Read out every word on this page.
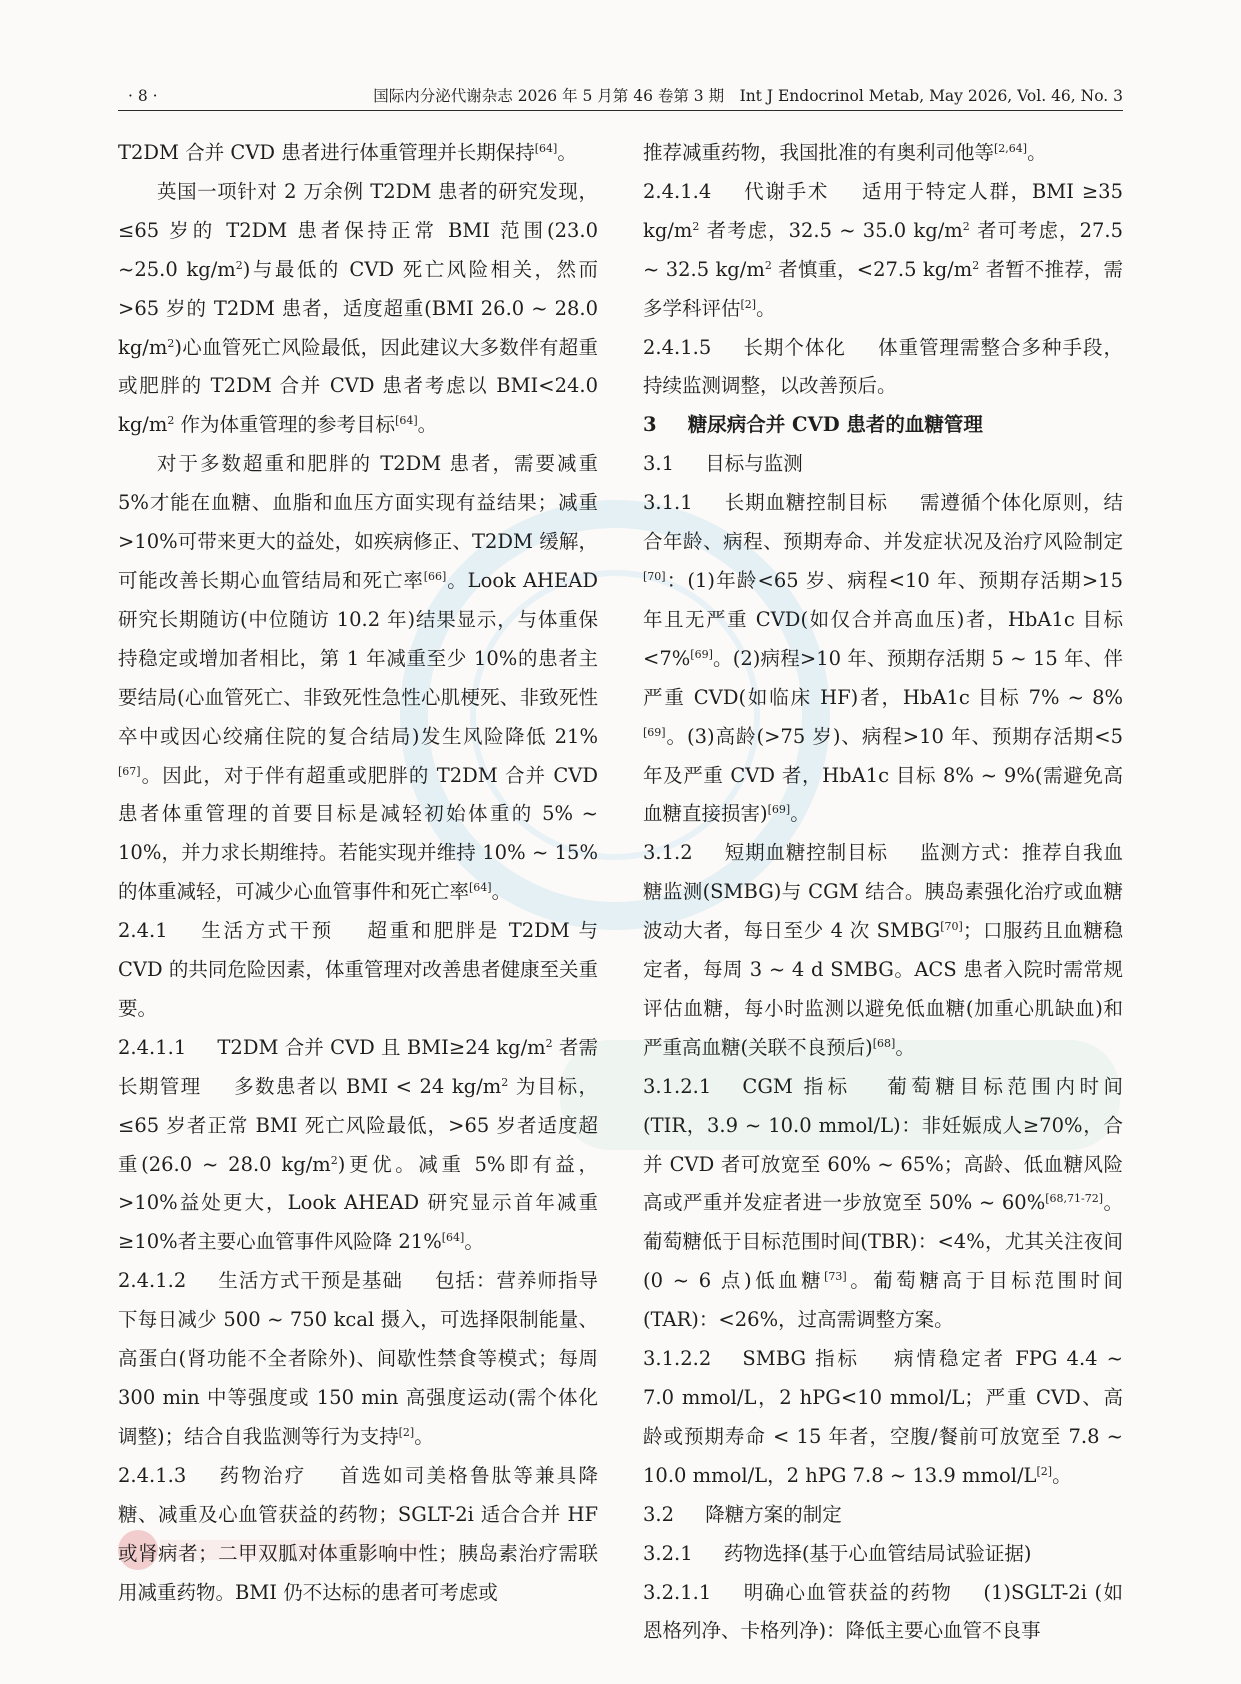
· 8 ·	国际内分泌代谢杂志 2026 年 5 月第 46 卷第 3 期　Int J Endocrinol Metab, May 2026, Vol. 46, No. 3

T2DM 合并 CVD 患者进行体重管理并长期保持[64]。

英国一项针对 2 万余例 T2DM 患者的研究发现，≤65 岁的 T2DM 患者保持正常 BMI 范围(23.0 ~25.0 $kg/m^2$)与最低的 CVD 死亡风险相关，然而>65 岁的 T2DM 患者，适度超重(BMI 26.0 ~ 28.0 $kg/m^2$)心血管死亡风险最低，因此建议大多数伴有超重或肥胖的 T2DM 合并 CVD 患者考虑以 BMI<24.0 $kg/m^2$ 作为体重管理的参考目标[64]。

对于多数超重和肥胖的 T2DM 患者，需要减重 5%才能在血糖、血脂和血压方面实现有益结果；减重>10%可带来更大的益处，如疾病修正、T2DM 缓解，可能改善长期心血管结局和死亡率[66]。Look AHEAD 研究长期随访(中位随访 10.2 年)结果显示，与体重保持稳定或增加者相比，第 1 年减重至少 10%的患者主要结局(心血管死亡、非致死性急性心肌梗死、非致死性卒中或因心绞痛住院的复合结局)发生风险降低 21%[67]。因此，对于伴有超重或肥胖的 T2DM 合并 CVD 患者体重管理的首要目标是减轻初始体重的 5% ~ 10%，并力求长期维持。若能实现并维持 10% ~ 15%的体重减轻，可减少心血管事件和死亡率[64]。

2.4.1 生活方式干预 超重和肥胖是 T2DM 与 CVD 的共同危险因素，体重管理对改善患者健康至关重要。

2.4.1.1 T2DM 合并 CVD 且 BMI≥24 $kg/m^2$ 者需长期管理 多数患者以 BMI < 24 $kg/m^2$ 为目标，≤65 岁者正常 BMI 死亡风险最低，>65 岁者适度超重(26.0 ~ 28.0 $kg/m^2$)更优。减重 5%即有益，>10%益处更大，Look AHEAD 研究显示首年减重≥10%者主要心血管事件风险降 21%[64]。

2.4.1.2 生活方式干预是基础 包括：营养师指导下每日减少 500 ~ 750 kcal 摄入，可选择限制能量、高蛋白(肾功能不全者除外)、间歇性禁食等模式；每周 300 min 中等强度或 150 min 高强度运动(需个体化调整)；结合自我监测等行为支持[2]。

2.4.1.3 药物治疗 首选如司美格鲁肽等兼具降糖、减重及心血管获益的药物；SGLT-2i 适合合并 HF 或肾病者；二甲双胍对体重影响中性；胰岛素治疗需联用减重药物。BMI 仍不达标的患者可考虑或

推荐减重药物，我国批准的有奥利司他等[2,64]。

2.4.1.4 代谢手术 适用于特定人群，BMI ≥35 $kg/m^2$ 者考虑，32.5 ~ 35.0 $kg/m^2$ 者可考虑，27.5 ~ 32.5 $kg/m^2$ 者慎重，<27.5 $kg/m^2$ 者暂不推荐，需多学科评估[2]。

2.4.1.5 长期个体化 体重管理需整合多种手段，持续监测调整，以改善预后。

3 糖尿病合并 CVD 患者的血糖管理

3.1 目标与监测

3.1.1 长期血糖控制目标 需遵循个体化原则，结合年龄、病程、预期寿命、并发症状况及治疗风险制定[70]：(1)年龄<65 岁、病程<10 年、预期存活期>15 年且无严重 CVD(如仅合并高血压)者，HbA1c 目标<7%[69]。(2)病程>10 年、预期存活期 5 ~ 15 年、伴严重 CVD(如临床 HF)者，HbA1c 目标 7% ~ 8%[69]。(3)高龄(>75 岁)、病程>10 年、预期存活期<5 年及严重 CVD 者，HbA1c 目标 8% ~ 9%(需避免高血糖直接损害)[69]。

3.1.2 短期血糖控制目标 监测方式：推荐自我血糖监测(SMBG)与 CGM 结合。胰岛素强化治疗或血糖波动大者，每日至少 4 次 SMBG[70]；口服药且血糖稳定者，每周 3 ~ 4 d SMBG。ACS 患者入院时需常规评估血糖，每小时监测以避免低血糖(加重心肌缺血)和严重高血糖(关联不良预后)[68]。

3.1.2.1 CGM 指标 葡萄糖目标范围内时间(TIR，3.9 ~ 10.0 mmol/L)：非妊娠成人≥70%，合并 CVD 者可放宽至 60% ~ 65%；高龄、低血糖风险高或严重并发症者进一步放宽至 50% ~ 60%[68,71-72]。葡萄糖低于目标范围时间(TBR)：<4%，尤其关注夜间(0 ~ 6 点)低血糖[73]。葡萄糖高于目标范围时间(TAR)：<26%，过高需调整方案。

3.1.2.2 SMBG 指标 病情稳定者 FPG 4.4 ~ 7.0 mmol/L，2 hPG<10 mmol/L；严重 CVD、高龄或预期寿命 < 15 年者，空腹/餐前可放宽至 7.8 ~ 10.0 mmol/L，2 hPG 7.8 ~ 13.9 mmol/L[2]。

3.2 降糖方案的制定

3.2.1 药物选择(基于心血管结局试验证据)

3.2.1.1 明确心血管获益的药物 (1)SGLT-2i (如恩格列净、卡格列净)：降低主要心血管不良事
